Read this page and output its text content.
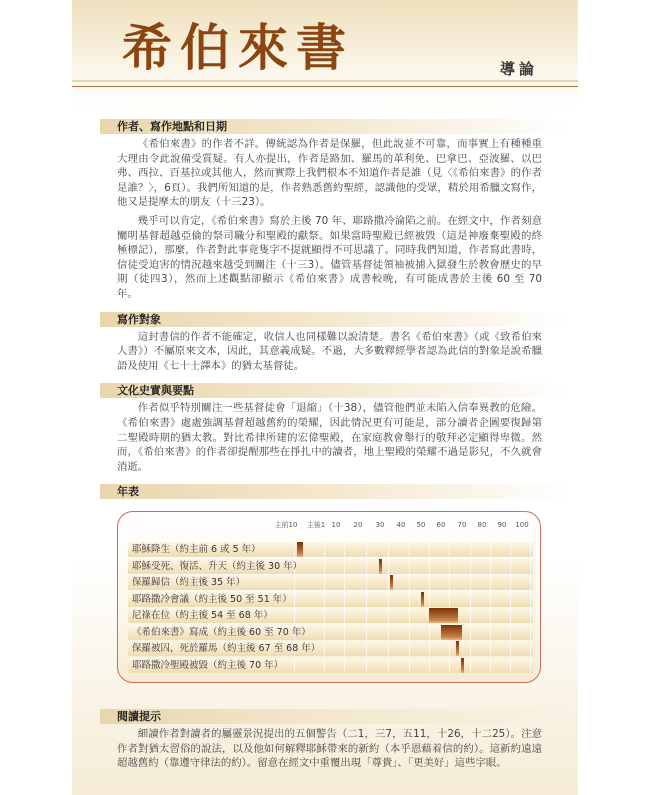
希伯來書	導論
作者、寫作地點和日期

《希伯來書》的作者不詳。傳統認為作者是保羅，但此說並不可靠，而事實上有種種重大理由令此說備受質疑。有人亦提出，作者是路加、羅馬的革利免、巴拿巴、亞波羅、以巴弗、西拉、百基拉或其他人，然而實際上我們根本不知道作者是誰（見〈《希伯來書》的作者是誰？〉，6頁）。我們所知道的是，作者熟悉舊約聖經，認識他的受眾，精於用希臘文寫作，他又是提摩太的朋友（十三23）。

幾乎可以肯定，《希伯來書》寫於主後 70 年、耶路撒冷淪陷之前。在經文中，作者刻意闡明基督超越亞倫的祭司職分和聖殿的獻祭。如果當時聖殿已經被毀（這是神廢棄聖殿的終極標記），那麼，作者對此事竟隻字不提就顯得不可思議了。同時我們知道，作者寫此書時，信徒受迫害的情況越來越受到關注（十三3）。儘管基督徒領袖被捕入獄發生於教會歷史的早期（徒四3），然而上述觀點卻顯示《希伯來書》成書較晚，有可能成書於主後 60 至 70 年。

寫作對象

這封書信的作者不能確定，收信人也同樣難以說清楚。書名《希伯來書》（或《致希伯來人書》）不屬原來文本，因此，其意義成疑。不過，大多數釋經學者認為此信的對象是說希臘語及使用《七十士譯本》的猶太基督徒。

文化史實與要點

作者似乎特別關注一些基督徒會「退縮」（十38），儘管他們並未陷入信奉異教的危險。《希伯來書》處處強調基督超越舊約的榮耀，因此情況更有可能是，部分讀者企圖要復歸第二聖殿時期的猶太教。對比希律所建的宏偉聖殿，在家庭教會舉行的敬拜必定顯得卑微。然而，《希伯來書》的作者卻提醒那些在掙扎中的讀者，地上聖殿的榮耀不過是影兒，不久就會消逝。

年表
主前10 主後1 10 20 30 40 50 60 70 80 90 100
耶穌降生（約主前 6 或 5 年）
耶穌受死、復活、升天（約主後 30 年）
保羅歸信（約主後 35 年）
耶路撒冷會議（約主後 50 至 51 年）
尼祿在位（約主後 54 至 68 年）
《希伯來書》寫成（約主後 60 至 70 年）
保羅被囚，死於羅馬（約主後 67 至 68 年）
耶路撒冷聖殿被毀（約主後 70 年）
閱讀提示

細讀作者對讀者的屬靈景況提出的五個警告（二1，三7，五11，十26，十二25）。注意作者對猶太習俗的說法，以及他如何解釋耶穌帶來的新約（本乎恩藉着信的約）。這新約遠遠超越舊約（靠遵守律法的約）。留意在經文中重覆出現「尊貴」、「更美好」這些字眼。
